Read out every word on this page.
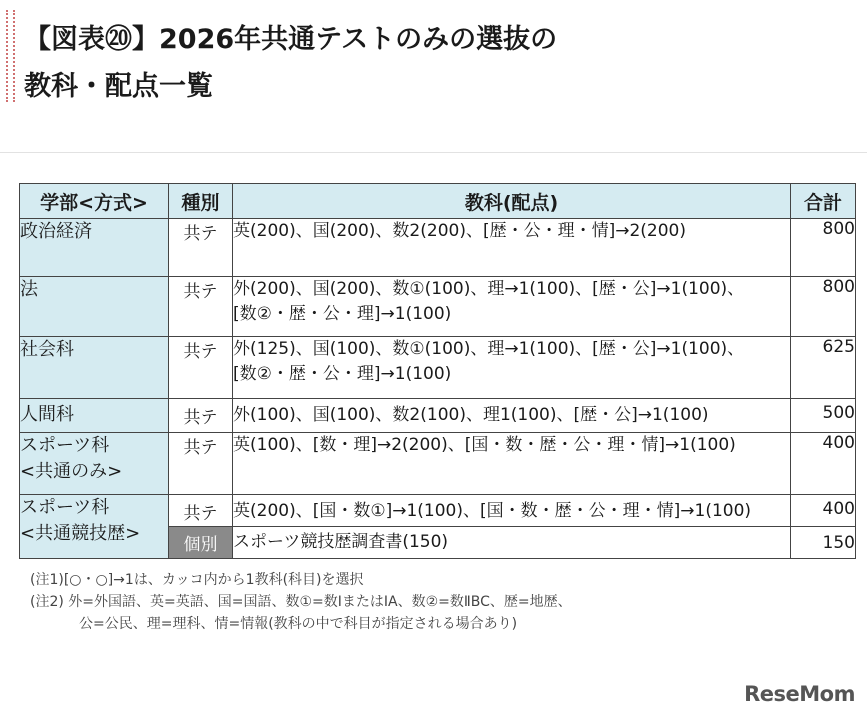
【図表⑳】2026年共通テストのみの選抜の
教科・配点一覧
学部<方式>	種別	教科(配点)	合計

政治経済	共テ	英(200)、国(200)、数2(200)、[歴・公・理・情]→2(200)	800

法	共テ	外(200)、国(200)、数①(100)、理→1(100)、[歴・公]→1(100)、
[数②・歴・公・理]→1(100)	800

社会科	共テ	外(125)、国(100)、数①(100)、理→1(100)、[歴・公]→1(100)、
[数②・歴・公・理]→1(100)	625

人間科	共テ	外(100)、国(100)、数2(100)、理1(100)、[歴・公]→1(100)	500

スポーツ科
<共通のみ>	共テ	英(100)、[数・理]→2(200)、[国・数・歴・公・理・情]→1(100)	400

スポーツ科
<共通競技歴>	共テ	英(200)、[国・数①]→1(100)、[国・数・歴・公・理・情]→1(100)	400
	個別	スポーツ競技歴調査書(150)	150
(注1)[○・○]→1は、カッコ内から1教科(科目)を選択
(注2) 外=外国語、英=英語、国=国語、数①=数ⅠまたはⅠA、数②=数ⅡBC、歴=地歴、
公=公民、理=理科、情=情報(教科の中で科目が指定される場合あり)
ReseMom
